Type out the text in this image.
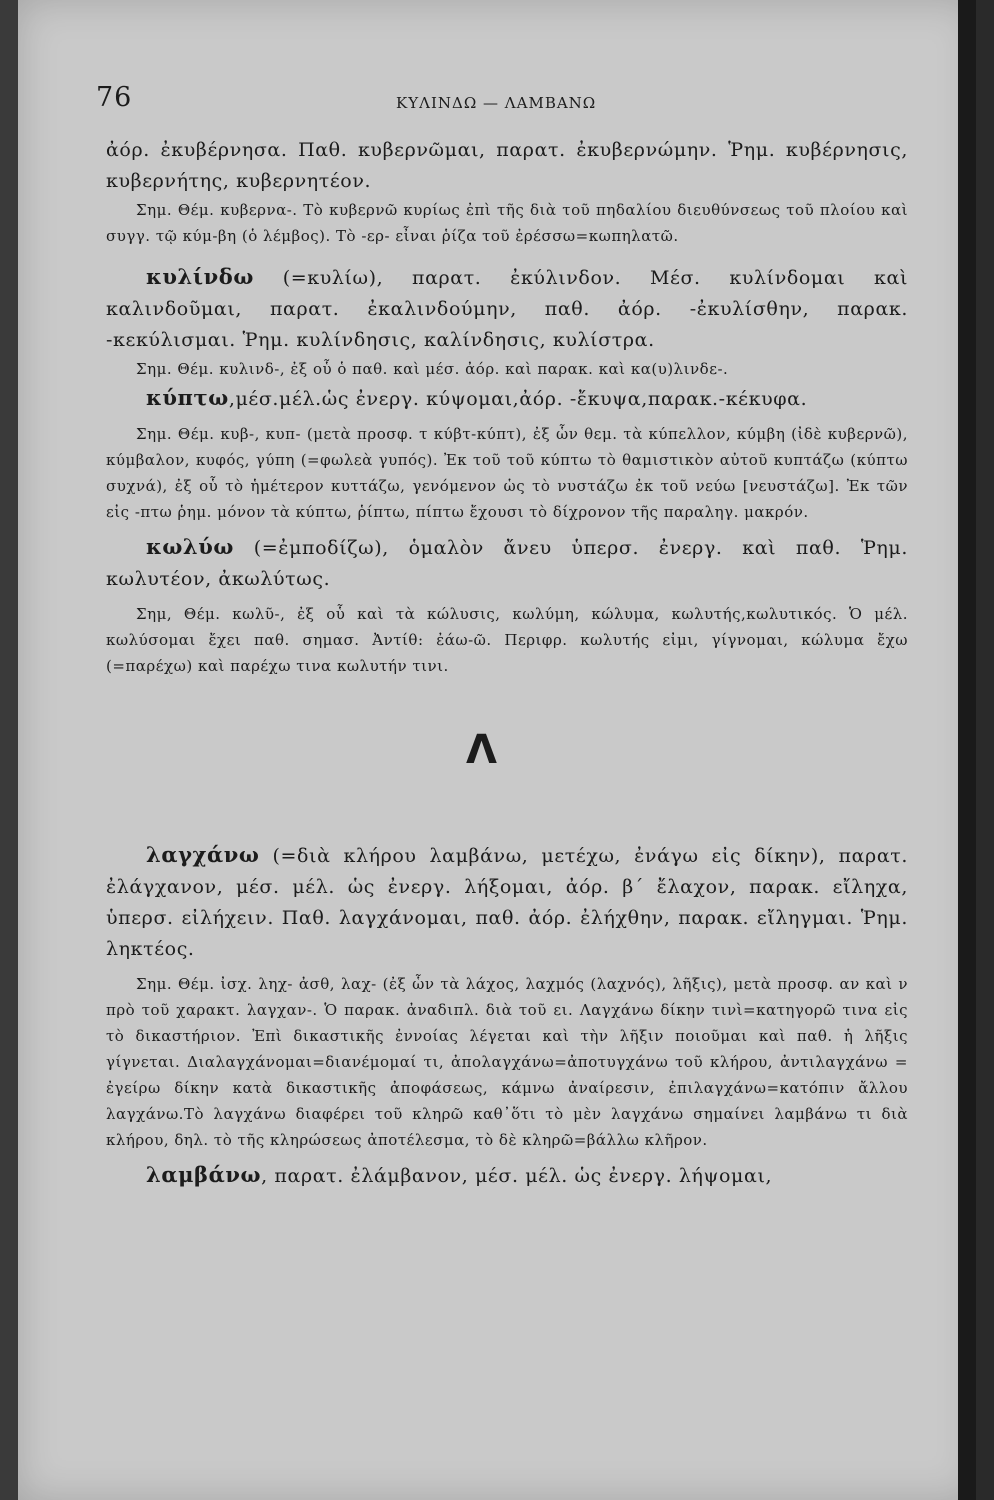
76	ΚΥΛΙΝΔΩ — ΛΑΜΒΑΝΩ

ἀόρ. ἐκυβέρνησα. Παθ. κυβερνῶμαι, παρατ. ἐκυβερνώμην. Ῥημ. κυβέρνησις, κυβερνήτης, κυβερνητέον.

Σημ. Θέμ. κυβερνα-. Τὸ κυβερνῶ κυρίως ἐπὶ τῆς διὰ τοῦ πηδαλίου διευθύνσεως τοῦ πλοίου καὶ συγγ. τῷ κύμ-βη (ὁ λέμβος). Τὸ -ερ- εἶναι ῥίζα τοῦ ἐρέσσω=κωπηλατῶ.

κυλίνδω (=κυλίω), παρατ. ἐκύλινδον. Μέσ. κυλίνδομαι καὶ καλινδοῦμαι, παρατ. ἐκαλινδούμην, παθ. ἀόρ. -ἐκυλίσθην, παρακ. -κεκύλισμαι. Ῥημ. κυλίνδησις, καλίνδησις, κυλίστρα.

Σημ. Θέμ. κυλινδ-, ἐξ οὗ ὁ παθ. καὶ μέσ. ἀόρ. καὶ παρακ. καὶ κα(υ)λινδε-.

κύπτω,μέσ.μέλ.ὡς ἐνεργ. κύψομαι,ἀόρ. -ἔκυψα,παρακ.-κέκυφα.

Σημ. Θέμ. κυβ-, κυπ- (μετὰ προσφ. τ κύβτ-κύπτ), ἐξ ὧν θεμ. τὰ κύπελλον, κύμβη (ἰδὲ κυβερνῶ), κύμβαλον, κυφός, γύπη (=φωλεὰ γυπός). Ἐκ τοῦ τοῦ κύπτω τὸ θαμιστικὸν αὐτοῦ κυπτάζω (κύπτω συχνά), ἐξ οὗ τὸ ἡμέτερον κυττάζω, γενόμενον ὡς τὸ νυστάζω ἐκ τοῦ νεύω [νευστάζω]. Ἐκ τῶν εἰς -πτω ῥημ. μόνον τὰ κύπτω, ῥίπτω, πίπτω ἔχουσι τὸ δίχρονον τῆς παραληγ. μακρόν.

κωλύω (=ἐμποδίζω), ὁμαλὸν ἄνευ ὑπερσ. ἐνεργ. καὶ παθ. Ῥημ. κωλυτέον, ἀκωλύτως.

Σημ, Θέμ. κωλῦ-, ἐξ οὗ καὶ τὰ κώλυσις, κωλύμη, κώλυμα, κωλυτής,κωλυτικός. Ὁ μέλ. κωλύσομαι ἔχει παθ. σημασ. Ἀντίθ: ἐάω-ῶ. Περιφρ. κωλυτής εἰμι, γίγνομαι, κώλυμα ἔχω (=παρέχω) καὶ παρέχω τινα κωλυτήν τινι.

Λ

λαγχάνω (=διὰ κλήρου λαμβάνω, μετέχω, ἐνάγω εἰς δίκην), παρατ. ἐλάγχανον, μέσ. μέλ. ὡς ἐνεργ. λήξομαι, ἀόρ. β´ ἔλαχον, παρακ. εἴληχα, ὑπερσ. εἰλήχειν. Παθ. λαγχάνομαι, παθ. ἀόρ. ἐλήχθην, παρακ. εἴληγμαι. Ῥημ. ληκτέος.

Σημ. Θέμ. ἰσχ. ληχ- ἀσθ, λαχ- (ἐξ ὧν τὰ λάχος, λαχμός (λαχνός), λῆξις), μετὰ προσφ. αν καὶ ν πρὸ τοῦ χαρακτ. λαγχαν-. Ὁ παρακ. ἀναδιπλ. διὰ τοῦ ει. Λαγχάνω δίκην τινὶ=κατηγορῶ τινα εἰς τὸ δικαστήριον. Ἐπὶ δικαστικῆς ἐννοίας λέγεται καὶ τὴν λῆξιν ποιοῦμαι καὶ παθ. ἡ λῆξις γίγνεται. Διαλαγχάνομαι=διανέμομαί τι, ἀπολαγχάνω=ἀποτυγχάνω τοῦ κλήρου, ἀντιλαγχάνω = ἐγείρω δίκην κατὰ δικαστικῆς ἀποφάσεως, κάμνω ἀναίρεσιν, ἐπιλαγχάνω=κατόπιν ἄλλου λαγχάνω.Τὸ λαγχάνω διαφέρει τοῦ κληρῶ καθ᾽ὅτι τὸ μὲν λαγχάνω σημαίνει λαμβάνω τι διὰ κλήρου, δηλ. τὸ τῆς κληρώσεως ἀποτέλεσμα, τὸ δὲ κληρῶ=βάλλω κλῆρον.

λαμβάνω, παρατ. ἐλάμβανον, μέσ. μέλ. ὡς ἐνεργ. λήψομαι,
